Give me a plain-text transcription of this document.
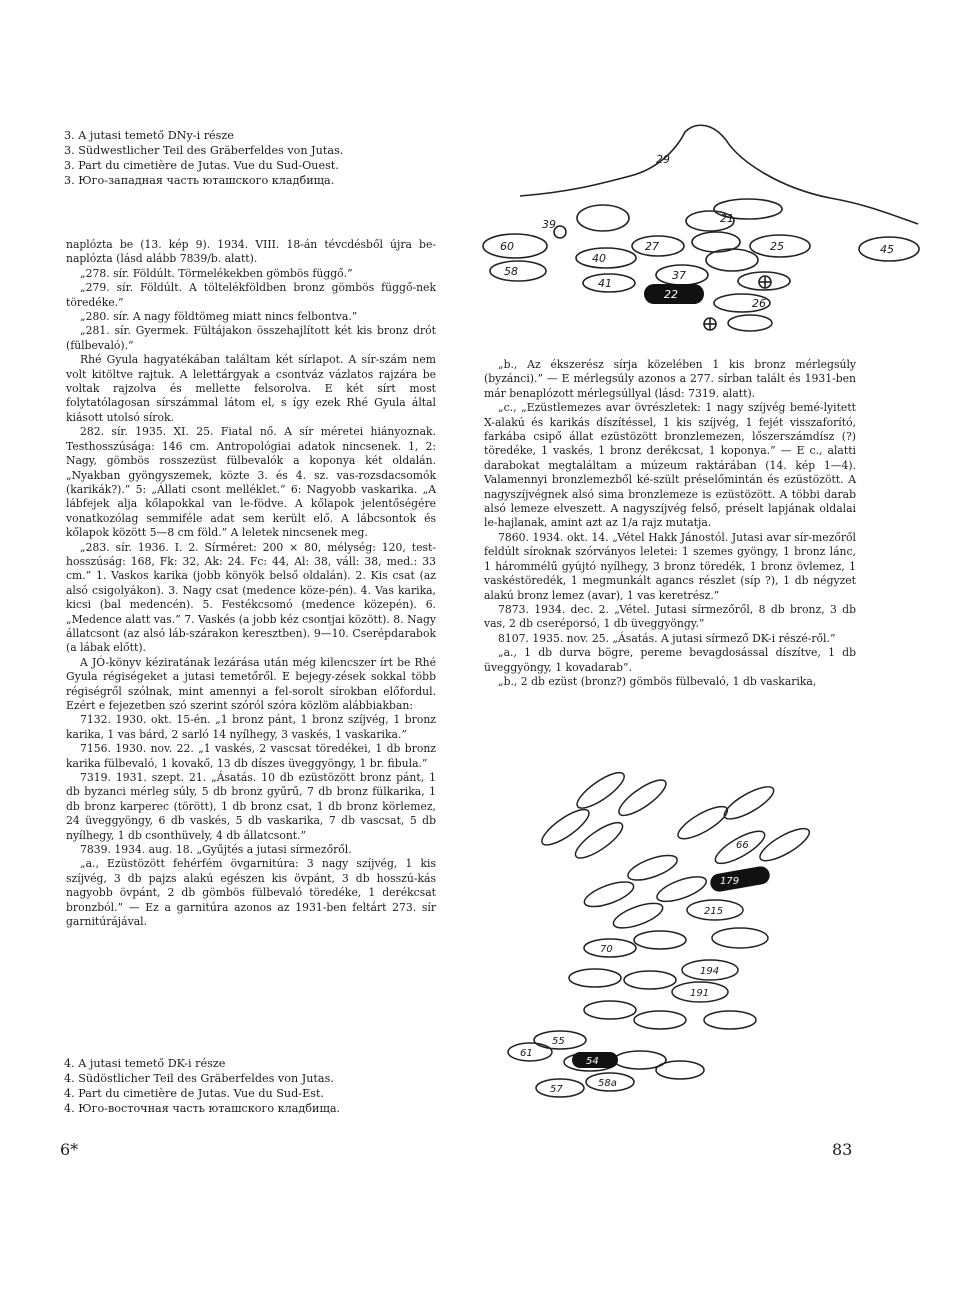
3. A jutasi temető DNy-i része
3. Südwestlicher Teil des Gräberfeldes von Jutas.
3. Part du cimetière de Jutas. Vue du Sud-Ouest.
3. Юго-западная часть юташского кладбища.

naplózta be (13. kép 9). 1934. VIII. 18-án tévcdésből újra be-naplózta (lásd alább 7839/b. alatt).

„278. sír. Földúlt. Törmelékekben gömbös függő.”

„279. sír. Földúlt. A töltelékföldben bronz gömbös függő-nek töredéke.”

„280. sír. A nagy földtömeg miatt nincs felbontva.”

„281. sír. Gyermek. Fültájakon összehajlított két kis bronz drót (fülbevaló).”

Rhé Gyula hagyatékában találtam két sírlapot. A sír-szám nem volt kitöltve rajtuk. A lelettárgyak a csontváz vázlatos rajzára be voltak rajzolva és mellette felsorolva. E két sírt most folytatólagosan sírszámmal látom el, s így ezek Rhé Gyula által kiásott utolsó sírok.

282. sír. 1935. XI. 25. Fiatal nő. A sír méretei hiányoznak. Testhosszúsága: 146 cm. Antropológiai adatok nincsenek. 1, 2: Nagy, gömbös rosszezüst fülbevalók a koponya két oldalán. „Nyakban gyöngyszemek, közte 3. és 4. sz. vas-rozsdacsomók (karikák?).” 5: „Állati csont melléklet.” 6: Nagyobb vaskarika. „A lábfejek alja kőlapokkal van le-födve. A kőlapok jelentőségére vonatkozólag semmiféle adat sem került elő. A lábcsontok és kőlapok között 5—8 cm föld.” A leletek nincsenek meg.

„283. sír. 1936. I. 2. Sírméret: 200 × 80, mélység: 120, test-hosszúság: 168, Fk: 32, Ak: 24. Fc: 44, Al: 38, váll: 38, med.: 33 cm.” 1. Vaskos karika (jobb könyök belső oldalán). 2. Kis csat (az alsó csigolyákon). 3. Nagy csat (medence köze-pén). 4. Vas karika, kicsi (bal medencén). 5. Festékcsomó (medence közepén). 6. „Medence alatt vas.” 7. Vaskés (a jobb kéz csontjai között). 8. Nagy állatcsont (az alsó láb-szárakon keresztben). 9—10. Cserépdarabok (a lábak előtt).

A JÓ-könyv kéziratának lezárása után még kilencszer írt be Rhé Gyula régiségeket a jutasi temetőről. E bejegy-zések sokkal több régiségről szólnak, mint amennyi a fel-sorolt sírokban előfordul. Ezért e fejezetben szó szerint szóról szóra közlöm alábbiakban:

7132. 1930. okt. 15-én. „1 bronz pánt, 1 bronz szíjvég, 1 bronz karika, 1 vas bárd, 2 sarló 14 nyílhegy, 3 vaskés, 1 vaskarika.”

7156. 1930. nov. 22. „1 vaskés, 2 vascsat töredékei, 1 db bronz karika fülbevaló, 1 kovakő, 13 db díszes üveggyöngy, 1 br. fibula.”

7319. 1931. szept. 21. „Ásatás. 10 db ezüstözött bronz pánt, 1 db byzanci mérleg súly, 5 db bronz gyűrű, 7 db bronz fülkarika, 1 db bronz karperec (törött), 1 db bronz csat, 1 db bronz körlemez, 24 üveggyöngy, 6 db vaskés, 5 db vaskarika, 7 db vascsat, 5 db nyílhegy, 1 db csonthüvely, 4 db állatcsont.”

7839. 1934. aug. 18. „Gyűjtés a jutasi sírmezőről.

„a., Ezüstözött fehérfém övgarnitúra: 3 nagy szíjvég, 1 kis szíjvég, 3 db pajzs alakú egészen kis övpánt, 3 db hosszú-kás nagyobb övpánt, 2 db gömbös fülbevaló töredéke, 1 derékcsat bronzból.” — Ez a garnitúra azonos az 1931-ben feltárt 273. sír garnitúrájával.

60
58
39
29
40
41
27
37
22
21
25
26
45

„b., Az ékszerész sírja közelében 1 kis bronz mérlegsúly (byzánci).” — E mérlegsúly azonos a 277. sírban talált és 1931-ben már benaplózott mérlegsúllyal (lásd: 7319. alatt).

„c., „Ezüstlemezes avar övrészletek: 1 nagy szíjvég bemé-lyitett X-alakú és karikás díszítéssel, 1 kis szíjvég, 1 fejét visszaforító, farkába csipő állat ezüstözött bronzlemezen, lőszerszámdísz (?) töredéke, 1 vaskés, 1 bronz derékcsat, 1 koponya.” — E c., alatti darabokat megtaláltam a múzeum raktárában (14. kép 1—4). Valamennyi bronzlemezből ké-szült préselőmintán és ezüstözött. A nagyszíjvégnek alsó sima bronzlemeze is ezüstözött. A többi darab alsó lemeze elveszett. A nagyszíjvég felső, préselt lapjának oldalai le-hajlanak, amint azt az 1/a rajz mutatja.

7860. 1934. okt. 14. „Vétel Hakk Jánostól. Jutasi avar sír-mezőről feldúlt síroknak szórványos leletei: 1 szemes gyöngy, 1 bronz lánc, 1 hárommélű gyújtó nyílhegy, 3 bronz töredék, 1 bronz övlemez, 1 vaskéstöredék, 1 megmunkált agancs részlet (síp ?), 1 db négyzet alakú bronz lemez (avar), 1 vas keretrész.”

7873. 1934. dec. 2. „Vétel. Jutasi sírmezőről, 8 db bronz, 3 db vas, 2 db cseréporsó, 1 db üveggyöngy.”

8107. 1935. nov. 25. „Ásatás. A jutasi sírmező DK-i részé-ről.”

„a., 1 db durva bögre, pereme bevagdosással díszítve, 1 db üveggyöngy, 1 kovadarab”.

„b., 2 db ezüst (bronz?) gömbös fülbevaló, 1 db vaskarika,

66
179
215
70
194
191
61
55
54
58a
57
4. A jutasi temető DK-i része
4. Südöstlicher Teil des Gräberfeldes von Jutas.
4. Part du cimetière de Jutas. Vue du Sud-Est.
4. Юго-восточная часть юташского кладбища.
6*	83
